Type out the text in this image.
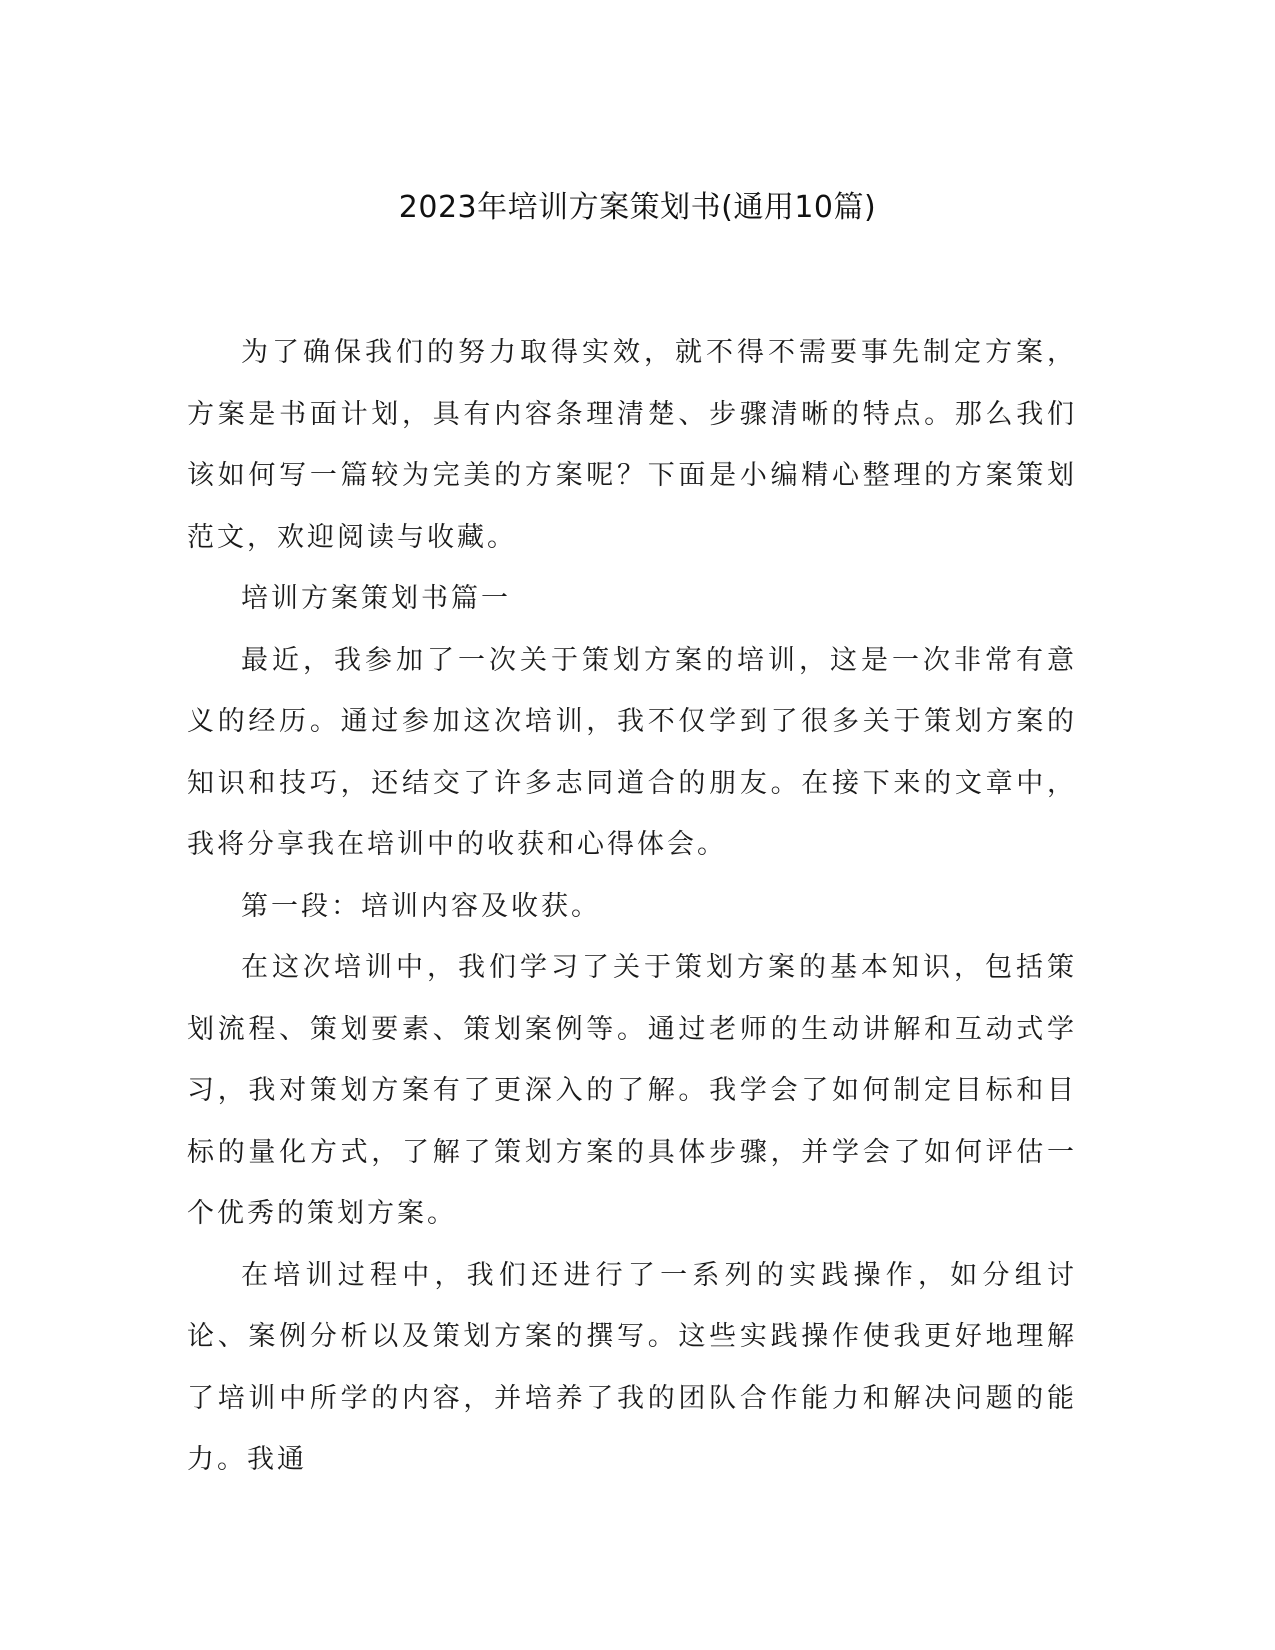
2023年培训方案策划书(通用10篇)

为了确保我们的努力取得实效，就不得不需要事先制定方案，方案是书面计划，具有内容条理清楚、步骤清晰的特点。那么我们该如何写一篇较为完美的方案呢？下面是小编精心整理的方案策划范文，欢迎阅读与收藏。

培训方案策划书篇一

最近，我参加了一次关于策划方案的培训，这是一次非常有意义的经历。通过参加这次培训，我不仅学到了很多关于策划方案的知识和技巧，还结交了许多志同道合的朋友。在接下来的文章中，我将分享我在培训中的收获和心得体会。

第一段：培训内容及收获。

在这次培训中，我们学习了关于策划方案的基本知识，包括策划流程、策划要素、策划案例等。通过老师的生动讲解和互动式学习，我对策划方案有了更深入的了解。我学会了如何制定目标和目标的量化方式，了解了策划方案的具体步骤，并学会了如何评估一个优秀的策划方案。

在培训过程中，我们还进行了一系列的实践操作，如分组讨论、案例分析以及策划方案的撰写。这些实践操作使我更好地理解了培训中所学的内容，并培养了我的团队合作能力和解决问题的能力。我通
